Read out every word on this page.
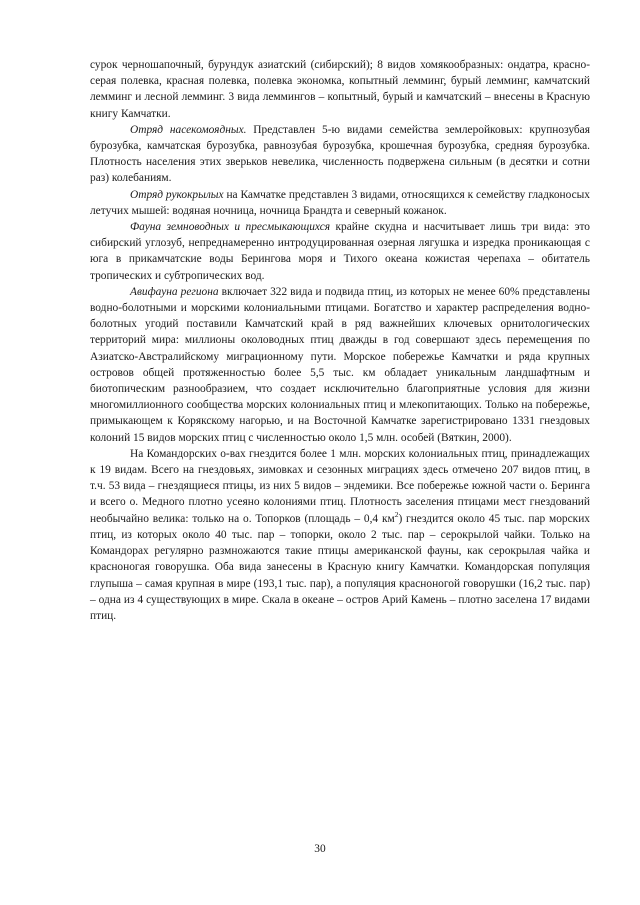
сурок черношапочный, бурундук азиатский (сибирский); 8 видов хомякообразных: ондатра, красно-серая полевка, красная полевка, полевка экономка, копытный лемминг, бурый лемминг, камчатский лемминг и лесной лемминг. 3 вида леммингов – копытный, бурый и камчатский – внесены в Красную книгу Камчатки.

Отряд насекомоядных. Представлен 5-ю видами семейства землеройковых: крупнозубая бурозубка, камчатская бурозубка, равнозубая бурозубка, крошечная бурозубка, средняя бурозубка. Плотность населения этих зверьков невелика, численность подвержена сильным (в десятки и сотни раз) колебаниям.

Отряд рукокрылых на Камчатке представлен 3 видами, относящихся к семейству гладконосых летучих мышей: водяная ночница, ночница Брандта и северный кожанок.

Фауна земноводных и пресмыкающихся крайне скудна и насчитывает лишь три вида: это сибирский углозуб, непреднамеренно интродуцированная озерная лягушка и изредка проникающая с юга в прикамчатские воды Берингова моря и Тихого океана кожистая черепаха – обитатель тропических и субтропических вод.

Авифауна региона включает 322 вида и подвида птиц, из которых не менее 60% представлены водно-болотными и морскими колониальными птицами. Богатство и характер распределения водно-болотных угодий поставили Камчатский край в ряд важнейших ключевых орнитологических территорий мира: миллионы околоводных птиц дважды в год совершают здесь перемещения по Азиатско-Австралийскому миграционному пути. Морское побережье Камчатки и ряда крупных островов общей протяженностью более 5,5 тыс. км обладает уникальным ландшафтным и биотопическим разнообразием, что создает исключительно благоприятные условия для жизни многомиллионного сообщества морских колониальных птиц и млекопитающих. Только на побережье, примыкающем к Корякскому нагорью, и на Восточной Камчатке зарегистрировано 1331 гнездовых колоний 15 видов морских птиц с численностью около 1,5 млн. особей (Вяткин, 2000).

На Командорских о-вах гнездится более 1 млн. морских колониальных птиц, принадлежащих к 19 видам. Всего на гнездовьях, зимовках и сезонных миграциях здесь отмечено 207 видов птиц, в т.ч. 53 вида – гнездящиеся птицы, из них 5 видов – эндемики. Все побережье южной части о. Беринга и всего о. Медного плотно усеяно колониями птиц. Плотность заселения птицами мест гнездований необычайно велика: только на о. Топорков (площадь – 0,4 $км^2$) гнездится около 45 тыс. пар морских птиц, из которых около 40 тыс. пар – топорки, около 2 тыс. пар – серокрылой чайки. Только на Командорах регулярно размножаются такие птицы американской фауны, как серокрылая чайка и красноногая говорушка. Оба вида занесены в Красную книгу Камчатки. Командорская популяция глупыша – самая крупная в мире (193,1 тыс. пар), а популяция красноногой говорушки (16,2 тыс. пар) – одна из 4 существующих в мире. Скала в океане – остров Арий Камень – плотно заселена 17 видами птиц.

30
